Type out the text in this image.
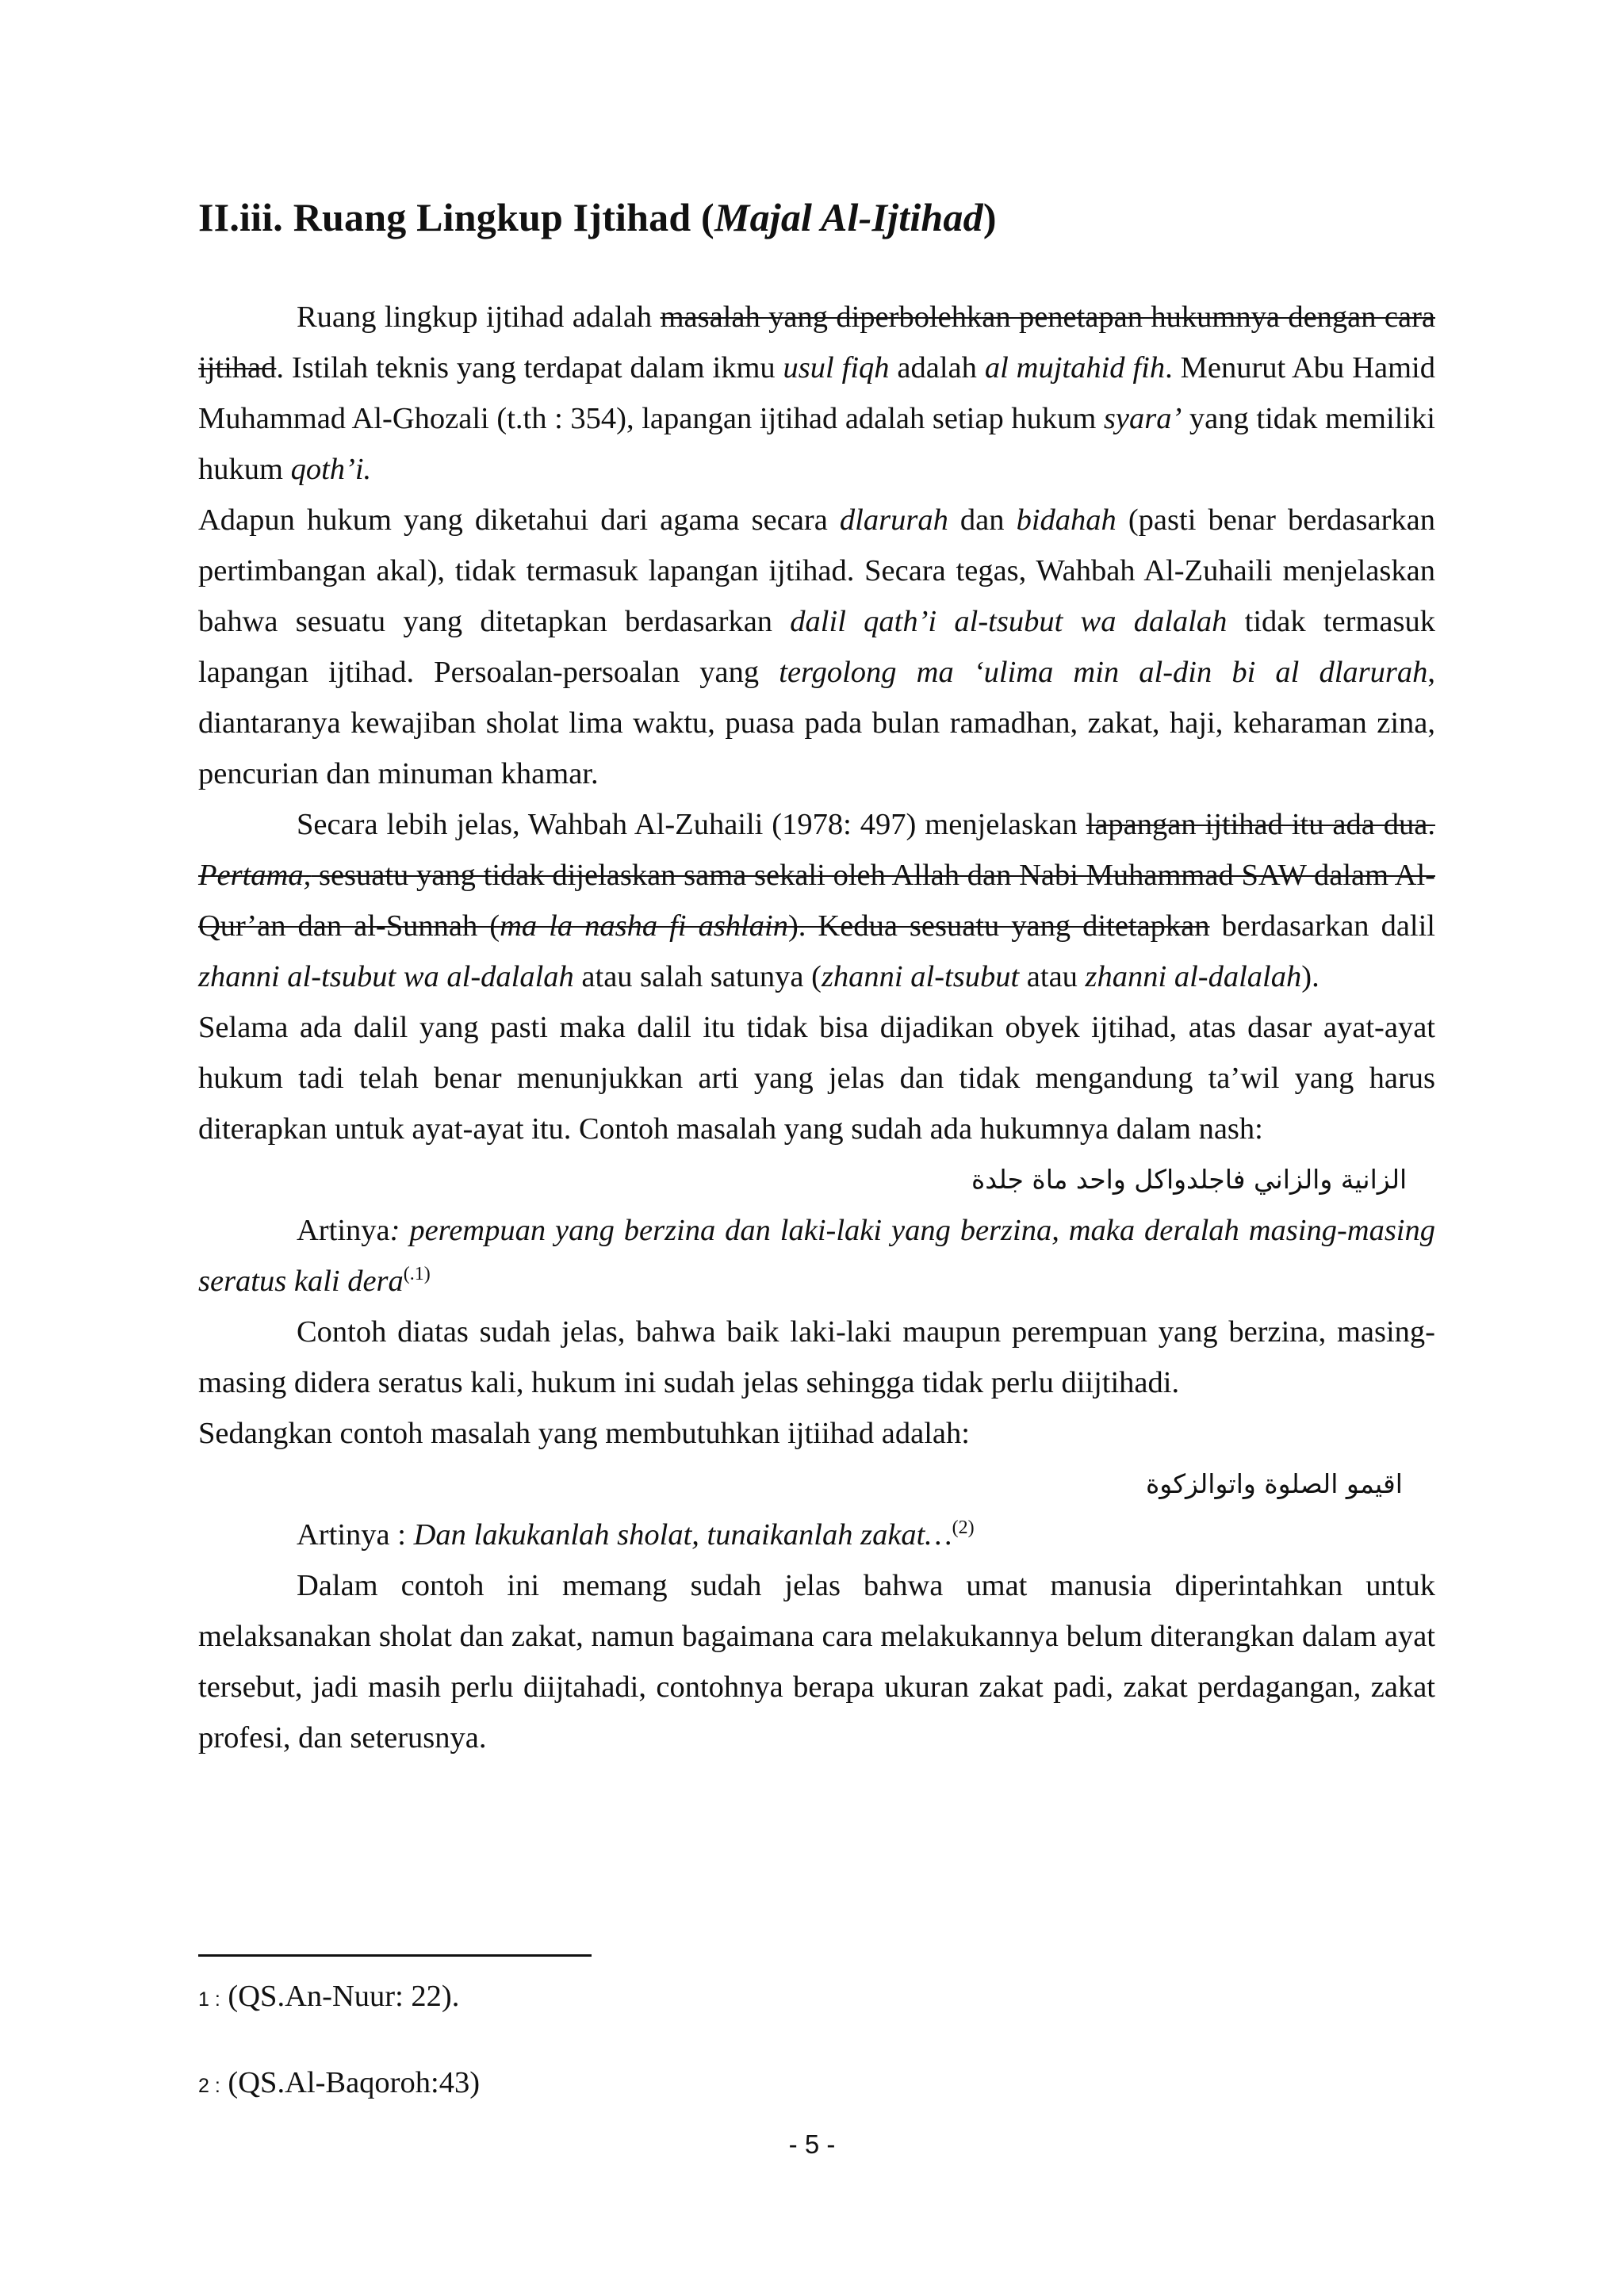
II.iii. Ruang Lingkup Ijtihad (Majal Al-Ijtihad)

Ruang lingkup ijtihad adalah masalah yang diperbolehkan penetapan hukumnya dengan cara ijtihad. Istilah teknis yang terdapat dalam ikmu usul fiqh adalah al mujtahid fih. Menurut Abu Hamid Muhammad Al-Ghozali (t.th : 354), lapangan ijtihad adalah setiap hukum syara’ yang tidak memiliki hukum qoth’i.

Adapun hukum yang diketahui dari agama secara dlarurah dan bidahah (pasti benar berdasarkan pertimbangan akal), tidak termasuk lapangan ijtihad. Secara tegas, Wahbah Al-Zuhaili menjelaskan bahwa sesuatu yang ditetapkan berdasarkan dalil qath’i al-tsubut wa dalalah tidak termasuk lapangan ijtihad. Persoalan-persoalan yang tergolong ma ‘ulima min al-din bi al dlarurah, diantaranya kewajiban sholat lima waktu, puasa pada bulan ramadhan, zakat, haji, keharaman zina, pencurian dan minuman khamar.

Secara lebih jelas, Wahbah Al-Zuhaili (1978: 497) menjelaskan lapangan ijtihad itu ada dua. Pertama, sesuatu yang tidak dijelaskan sama sekali oleh Allah dan Nabi Muhammad SAW dalam Al-Qur’an dan al-Sunnah (ma la nasha fi ashlain). Kedua sesuatu yang ditetapkan berdasarkan dalil zhanni al-tsubut wa al-dalalah atau salah satunya (zhanni al-tsubut atau zhanni al-dalalah).

Selama ada dalil yang pasti maka dalil itu tidak bisa dijadikan obyek ijtihad, atas dasar ayat-ayat hukum tadi telah benar menunjukkan arti yang jelas dan tidak mengandung ta’wil yang harus diterapkan untuk ayat-ayat itu. Contoh masalah yang sudah ada hukumnya dalam nash:

الزانية والزاني فاجلدواكل واحد ماة جلدة

Artinya: perempuan yang berzina dan laki-laki yang berzina, maka deralah masing-masing seratus kali dera$^{(.1)}$

Contoh diatas sudah jelas, bahwa baik laki-laki maupun perempuan yang berzina, masing-masing didera seratus kali, hukum ini sudah jelas sehingga tidak perlu diijtihadi.

Sedangkan contoh masalah yang membutuhkan ijtiihad adalah:

اقيمو الصلوة واتوالزكوة

Artinya : Dan lakukanlah sholat, tunaikanlah zakat…$^{(2)}$

Dalam contoh ini memang sudah jelas bahwa umat manusia diperintahkan untuk melaksanakan sholat dan zakat, namun bagaimana cara melakukannya belum diterangkan dalam ayat tersebut, jadi masih perlu diijtahadi, contohnya berapa ukuran zakat padi, zakat perdagangan, zakat profesi, dan seterusnya.

1 : (QS.An-Nuur: 22).
2 : (QS.Al-Baqoroh:43)
- 5 -
